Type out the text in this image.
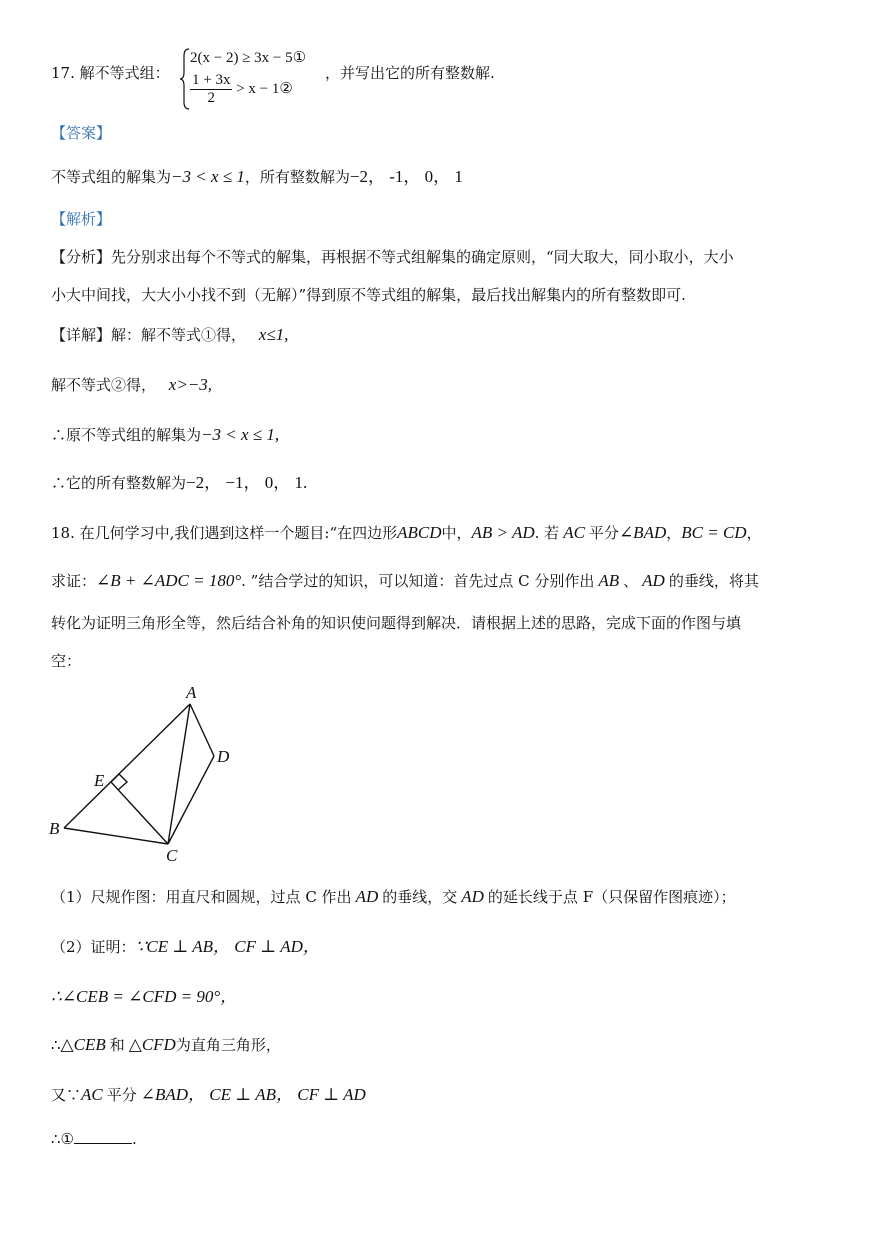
17. 解不等式组：
2(x − 2) ≥ 3x − 5①
$\frac{1 + 3x}{2} > x$ − 1②
，并写出它的所有整数解.
【答案】
不等式组的解集为−3 < x ≤ 1，所有整数解为−2， -1， 0， 1
【解析】
【分析】先分别求出每个不等式的解集，再根据不等式组解集的确定原则，“同大取大，同小取小，大小
小大中间找，大大小小找不到（无解）”得到原不等式组的解集，最后找出解集内的所有整数即可.
【详解】解：解不等式①得， x≤1,
解不等式②得， x>−3,
∴原不等式组的解集为−3 < x ≤ 1,
∴它的所有整数解为−2， −1， 0， 1.
18. 在几何学习中,我们遇到这样一个题目:“在四边形ABCD中，AB > AD. 若 AC 平分∠BAD，BC = CD，
求证：∠B + ∠ADC = 180°. ”结合学过的知识，可以知道：首先过点 C 分别作出 AB 、 AD 的垂线，将其
转化为证明三角形全等，然后结合补角的知识使问题得到解决．请根据上述的思路，完成下面的作图与填
空：
A
B
C
D
E
（1）尺规作图：用直尺和圆规，过点 C 作出 AD 的垂线，交 AD 的延长线于点 F（只保留作图痕迹）；
（2）证明：∵CE ⊥ AB， CF ⊥ AD，
∴∠CEB = ∠CFD = 90°，
∴△CEB 和 △CFD为直角三角形，
又∵AC 平分 ∠BAD， CE ⊥ AB， CF ⊥ AD
∴①	.
